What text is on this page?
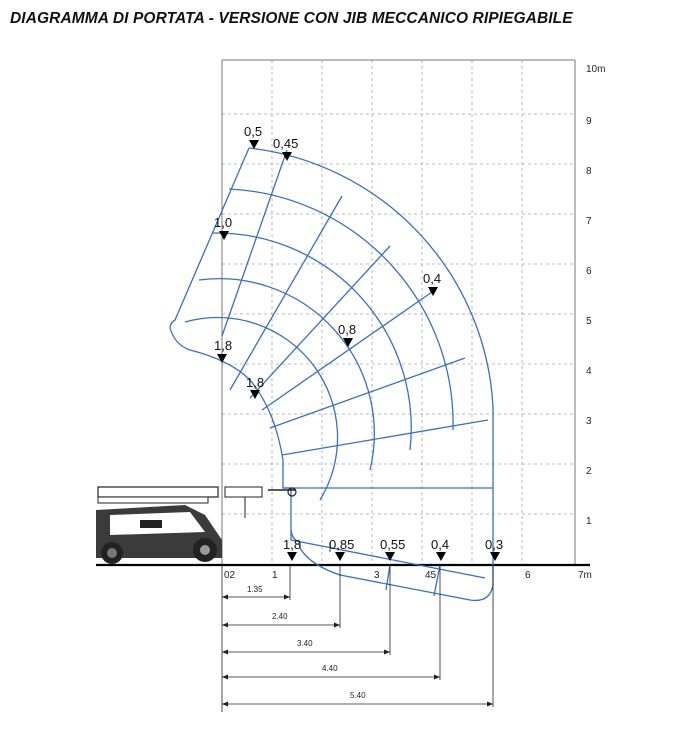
DIAGRAMMA DI PORTATA - VERSIONE CON JIB MECCANICO RIPIEGABILE
10m
1
2
3
4
5
6
7
8
9
02	1	3	45	6	7m
0,5
0,45
1,0
0,4
0,8
1,8
1,8
1,8 0,85 0,55 0,4	0,3
1.35
2.40
3.40
4.40
5.40
